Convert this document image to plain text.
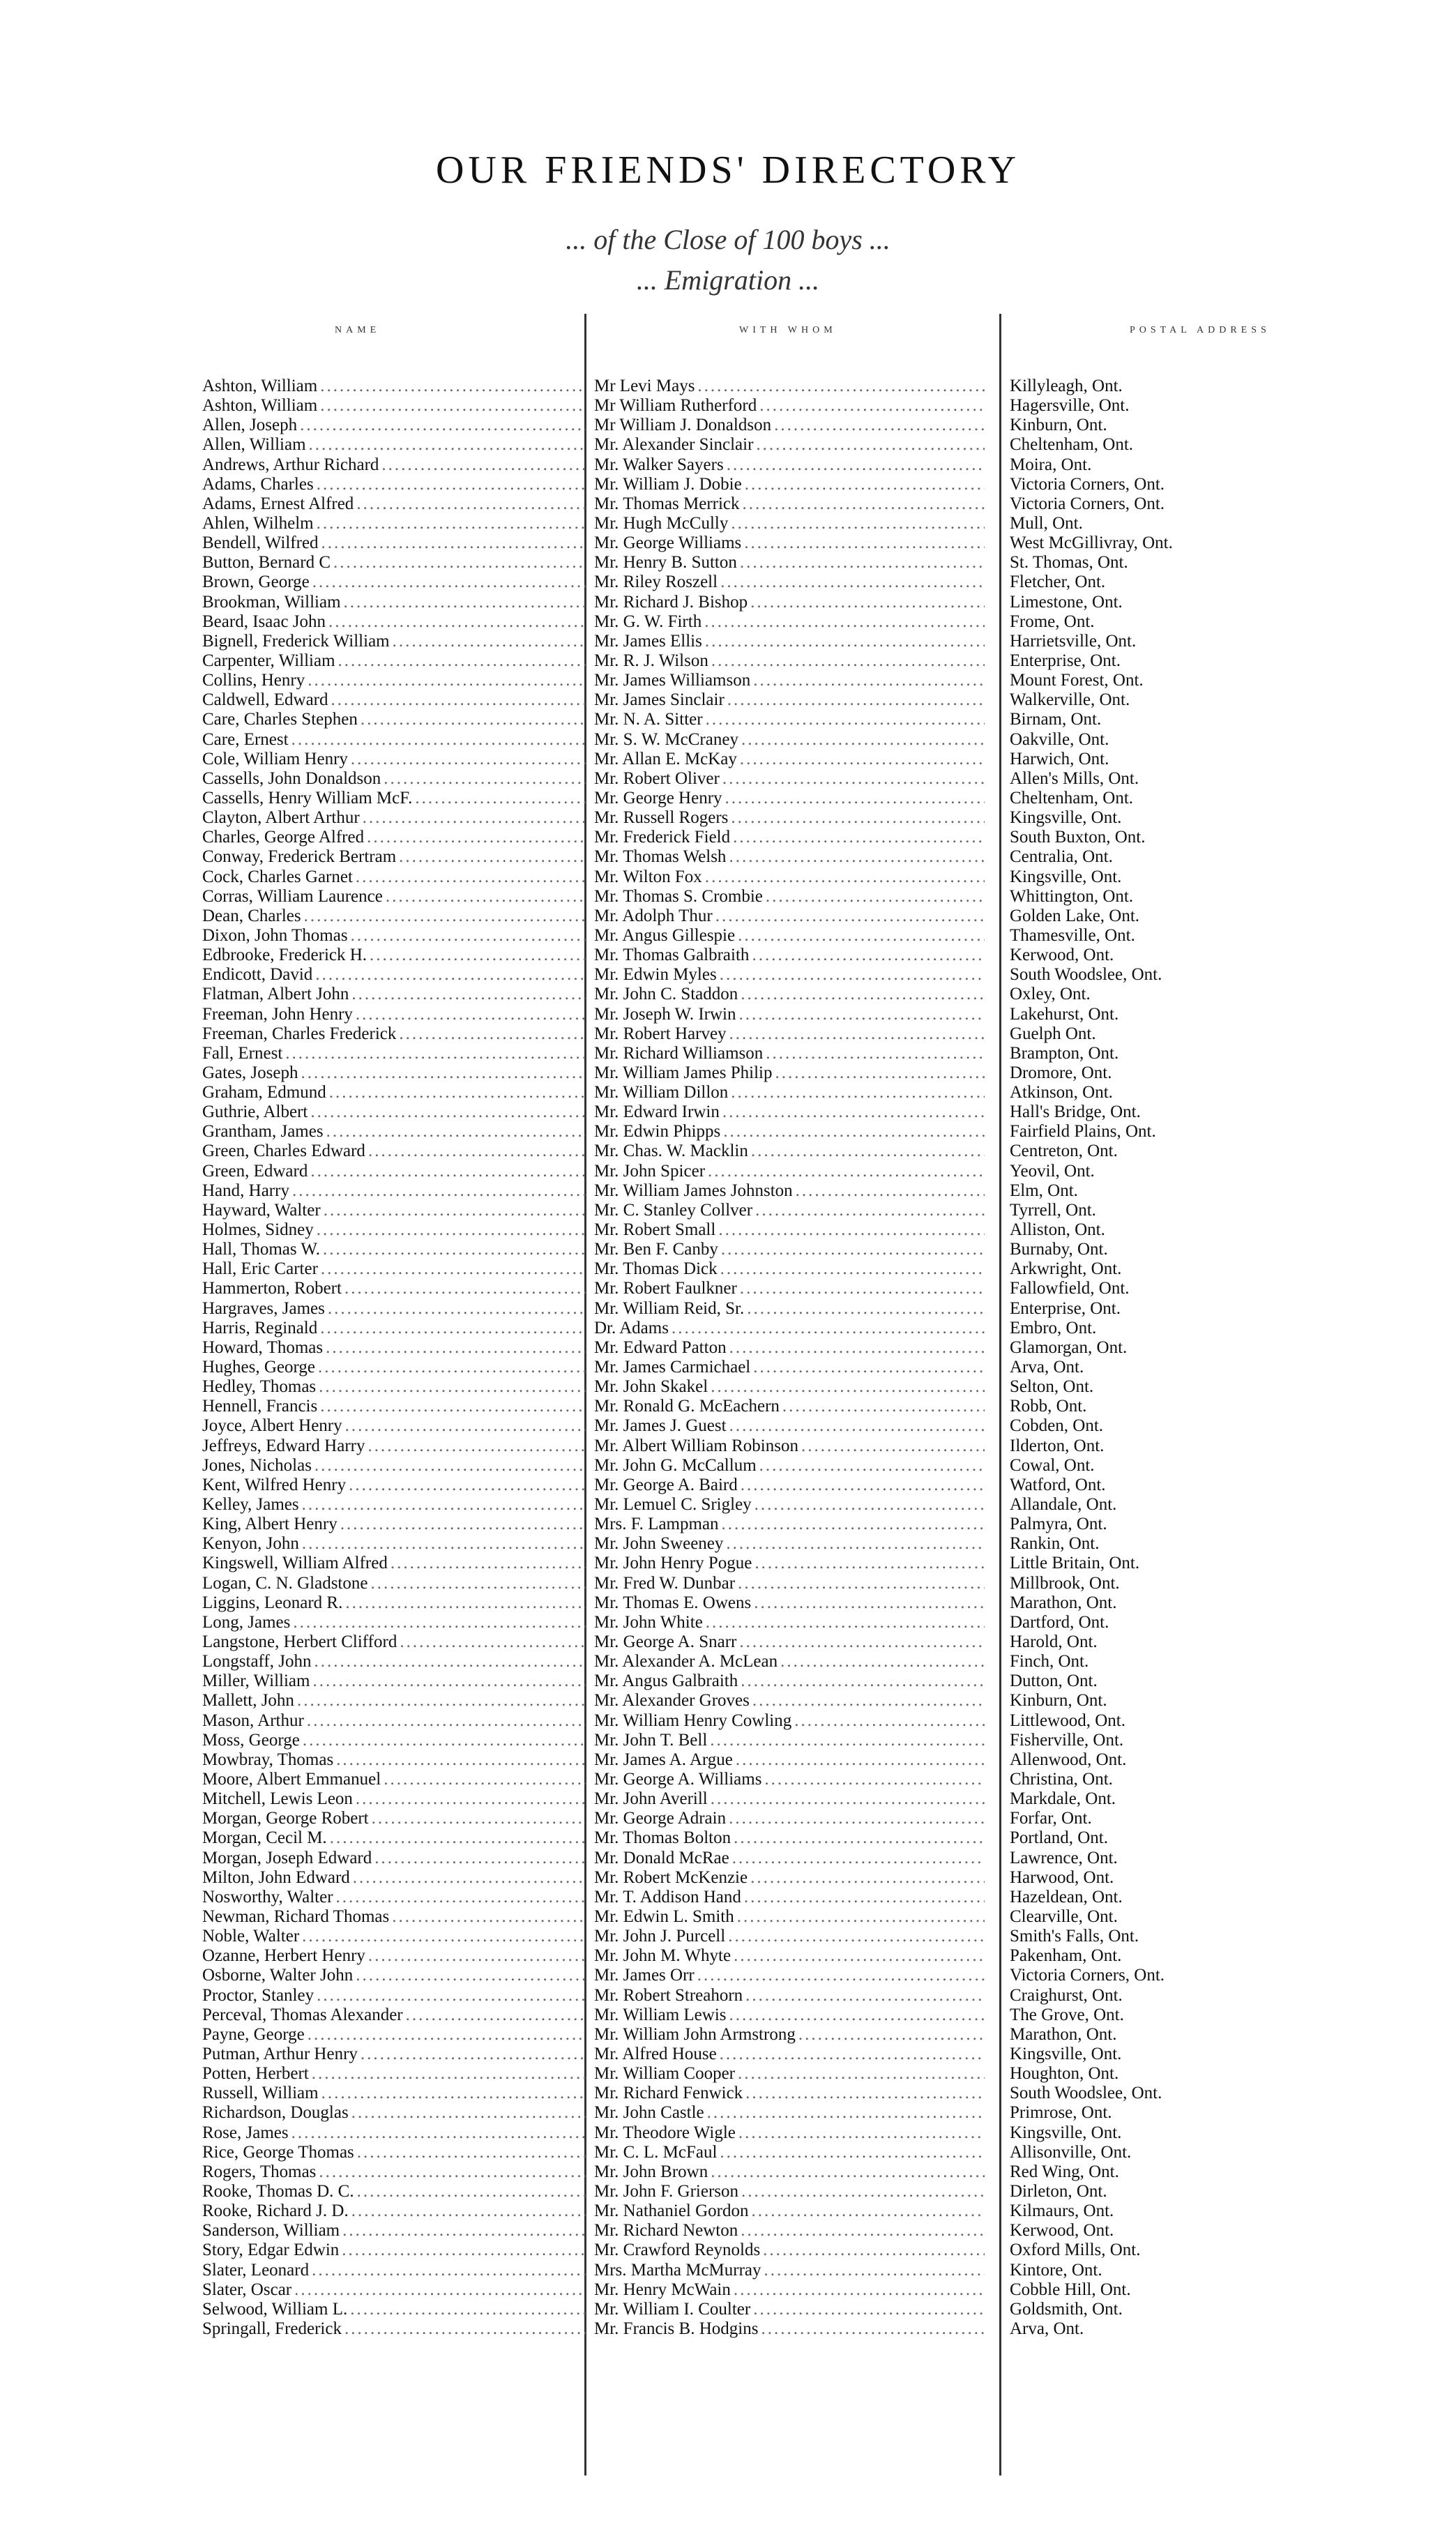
OUR FRIENDS' DIRECTORY
... of the Close of 100 boys ...
... Emigration ...
NAME	WITH WHOM	POSTAL ADDRESS
Ashton, William
.....
Ashton, William
.....
Allen, Joseph
.....
Allen, William
.....
Andrews, Arthur Richard
.....
Adams, Charles
.....
Adams, Ernest Alfred
.....
Ahlen, Wilhelm
.....
Bendell, Wilfred
.....
Button, Bernard C
.....
Brown, George
.....
Brookman, William
.....
Beard, Isaac John
.....
Bignell, Frederick William
.....
Carpenter, William
.....
Collins, Henry
.....
Caldwell, Edward
.....
Care, Charles Stephen
.....
Care, Ernest
.....
Cole, William Henry
.....
Cassells, John Donaldson
.....
Cassells, Henry William McF.
.....
Clayton, Albert Arthur
.....
Charles, George Alfred
.....
Conway, Frederick Bertram
.....
Cock, Charles Garnet
.....
Corras, William Laurence
.....
Dean, Charles
.....
Dixon, John Thomas
.....
Edbrooke, Frederick H.
.....
Endicott, David
.....
Flatman, Albert John
.....
Freeman, John Henry
.....
Freeman, Charles Frederick
.....
Fall, Ernest
.....
Gates, Joseph
.....
Graham, Edmund
.....
Guthrie, Albert
.....
Grantham, James
.....
Green, Charles Edward
.....
Green, Edward
.....
Hand, Harry
.....
Hayward, Walter
.....
Holmes, Sidney
.....
Hall, Thomas W.
.....
Hall, Eric Carter
.....
Hammerton, Robert
.....
Hargraves, James
.....
Harris, Reginald
.....
Howard, Thomas
.....
Hughes, George
.....
Hedley, Thomas
.....
Hennell, Francis
.....
Joyce, Albert Henry
.....
Jeffreys, Edward Harry
.....
Jones, Nicholas
.....
Kent, Wilfred Henry
.....
Kelley, James
.....
King, Albert Henry
.....
Kenyon, John
.....
Kingswell, William Alfred
.....
Logan, C. N. Gladstone
.....
Liggins, Leonard R.
.....
Long, James
.....
Langstone, Herbert Clifford
.....
Longstaff, John
.....
Miller, William
.....
Mallett, John
.....
Mason, Arthur
.....
Moss, George
.....
Mowbray, Thomas
.....
Moore, Albert Emmanuel
.....
Mitchell, Lewis Leon
.....
Morgan, George Robert
.....
Morgan, Cecil M.
.....
Morgan, Joseph Edward
.....
Milton, John Edward
.....
Nosworthy, Walter
.....
Newman, Richard Thomas
.....
Noble, Walter
.....
Ozanne, Herbert Henry
.....
Osborne, Walter John
.....
Proctor, Stanley
.....
Perceval, Thomas Alexander
.....
Payne, George
.....
Putman, Arthur Henry
.....
Potten, Herbert
.....
Russell, William
.....
Richardson, Douglas
.....
Rose, James
.....
Rice, George Thomas
.....
Rogers, Thomas
.....
Rooke, Thomas D. C.
.....
Rooke, Richard J. D.
.....
Sanderson, William
.....
Story, Edgar Edwin
.....
Slater, Leonard
.....
Slater, Oscar
.....
Selwood, William L.
.....
Springall, Frederick
.....
Mr Levi Mays
.....
Mr William Rutherford
.....
Mr William J. Donaldson
.....
Mr. Alexander Sinclair
.....
Mr. Walker Sayers
.....
Mr. William J. Dobie
.....
Mr. Thomas Merrick
.....
Mr. Hugh McCully
.....
Mr. George Williams
.....
Mr. Henry B. Sutton
.....
Mr. Riley Roszell
.....
Mr. Richard J. Bishop
.....
Mr. G. W. Firth
.....
Mr. James Ellis
.....
Mr. R. J. Wilson
.....
Mr. James Williamson
.....
Mr. James Sinclair
.....
Mr. N. A. Sitter
.....
Mr. S. W. McCraney
.....
Mr. Allan E. McKay
.....
Mr. Robert Oliver
.....
Mr. George Henry
.....
Mr. Russell Rogers
.....
Mr. Frederick Field
.....
Mr. Thomas Welsh
.....
Mr. Wilton Fox
.....
Mr. Thomas S. Crombie
.....
Mr. Adolph Thur
.....
Mr. Angus Gillespie
.....
Mr. Thomas Galbraith
.....
Mr. Edwin Myles
.....
Mr. John C. Staddon
.....
Mr. Joseph W. Irwin
.....
Mr. Robert Harvey
.....
Mr. Richard Williamson
.....
Mr. William James Philip
.....
Mr. William Dillon
.....
Mr. Edward Irwin
.....
Mr. Edwin Phipps
.....
Mr. Chas. W. Macklin
.....
Mr. John Spicer
.....
Mr. William James Johnston
.....
Mr. C. Stanley Collver
.....
Mr. Robert Small
.....
Mr. Ben F. Canby
.....
Mr. Thomas Dick
.....
Mr. Robert Faulkner
.....
Mr. William Reid, Sr.
.....
Dr. Adams
.....
Mr. Edward Patton
.....
Mr. James Carmichael
.....
Mr. John Skakel
.....
Mr. Ronald G. McEachern
.....
Mr. James J. Guest
.....
Mr. Albert William Robinson
.....
Mr. John G. McCallum
.....
Mr. George A. Baird
.....
Mr. Lemuel C. Srigley
.....
Mrs. F. Lampman
.....
Mr. John Sweeney
.....
Mr. John Henry Pogue
.....
Mr. Fred W. Dunbar
.....
Mr. Thomas E. Owens
.....
Mr. John White
.....
Mr. George A. Snarr
.....
Mr. Alexander A. McLean
.....
Mr. Angus Galbraith
.....
Mr. Alexander Groves
.....
Mr. William Henry Cowling
.....
Mr. John T. Bell
.....
Mr. James A. Argue
.....
Mr. George A. Williams
.....
Mr. John Averill
.....
Mr. George Adrain
.....
Mr. Thomas Bolton
.....
Mr. Donald McRae
.....
Mr. Robert McKenzie
.....
Mr. T. Addison Hand
.....
Mr. Edwin L. Smith
.....
Mr. John J. Purcell
.....
Mr. John M. Whyte
.....
Mr. James Orr
.....
Mr. Robert Streahorn
.....
Mr. William Lewis
.....
Mr. William John Armstrong
.....
Mr. Alfred House
.....
Mr. William Cooper
.....
Mr. Richard Fenwick
.....
Mr. John Castle
.....
Mr. Theodore Wigle
.....
Mr. C. L. McFaul
.....
Mr. John Brown
.....
Mr. John F. Grierson
.....
Mr. Nathaniel Gordon
.....
Mr. Richard Newton
.....
Mr. Crawford Reynolds
.....
Mrs. Martha McMurray
.....
Mr. Henry McWain
.....
Mr. William I. Coulter
.....
Mr. Francis B. Hodgins
.....
Killyleagh, Ont.
Hagersville, Ont.
Kinburn, Ont.
Cheltenham, Ont.
Moira, Ont.
Victoria Corners, Ont.
Victoria Corners, Ont.
Mull, Ont.
West McGillivray, Ont.
St. Thomas, Ont.
Fletcher, Ont.
Limestone, Ont.
Frome, Ont.
Harrietsville, Ont.
Enterprise, Ont.
Mount Forest, Ont.
Walkerville, Ont.
Birnam, Ont.
Oakville, Ont.
Harwich, Ont.
Allen's Mills, Ont.
Cheltenham, Ont.
Kingsville, Ont.
South Buxton, Ont.
Centralia, Ont.
Kingsville, Ont.
Whittington, Ont.
Golden Lake, Ont.
Thamesville, Ont.
Kerwood, Ont.
South Woodslee, Ont.
Oxley, Ont.
Lakehurst, Ont.
Guelph Ont.
Brampton, Ont.
Dromore, Ont.
Atkinson, Ont.
Hall's Bridge, Ont.
Fairfield Plains, Ont.
Centreton, Ont.
Yeovil, Ont.
Elm, Ont.
Tyrrell, Ont.
Alliston, Ont.
Burnaby, Ont.
Arkwright, Ont.
Fallowfield, Ont.
Enterprise, Ont.
Embro, Ont.
Glamorgan, Ont.
Arva, Ont.
Selton, Ont.
Robb, Ont.
Cobden, Ont.
Ilderton, Ont.
Cowal, Ont.
Watford, Ont.
Allandale, Ont.
Palmyra, Ont.
Rankin, Ont.
Little Britain, Ont.
Millbrook, Ont.
Marathon, Ont.
Dartford, Ont.
Harold, Ont.
Finch, Ont.
Dutton, Ont.
Kinburn, Ont.
Littlewood, Ont.
Fisherville, Ont.
Allenwood, Ont.
Christina, Ont.
Markdale, Ont.
Forfar, Ont.
Portland, Ont.
Lawrence, Ont.
Harwood, Ont.
Hazeldean, Ont.
Clearville, Ont.
Smith's Falls, Ont.
Pakenham, Ont.
Victoria Corners, Ont.
Craighurst, Ont.
The Grove, Ont.
Marathon, Ont.
Kingsville, Ont.
Houghton, Ont.
South Woodslee, Ont.
Primrose, Ont.
Kingsville, Ont.
Allisonville, Ont.
Red Wing, Ont.
Dirleton, Ont.
Kilmaurs, Ont.
Kerwood, Ont.
Oxford Mills, Ont.
Kintore, Ont.
Cobble Hill, Ont.
Goldsmith, Ont.
Arva, Ont.
